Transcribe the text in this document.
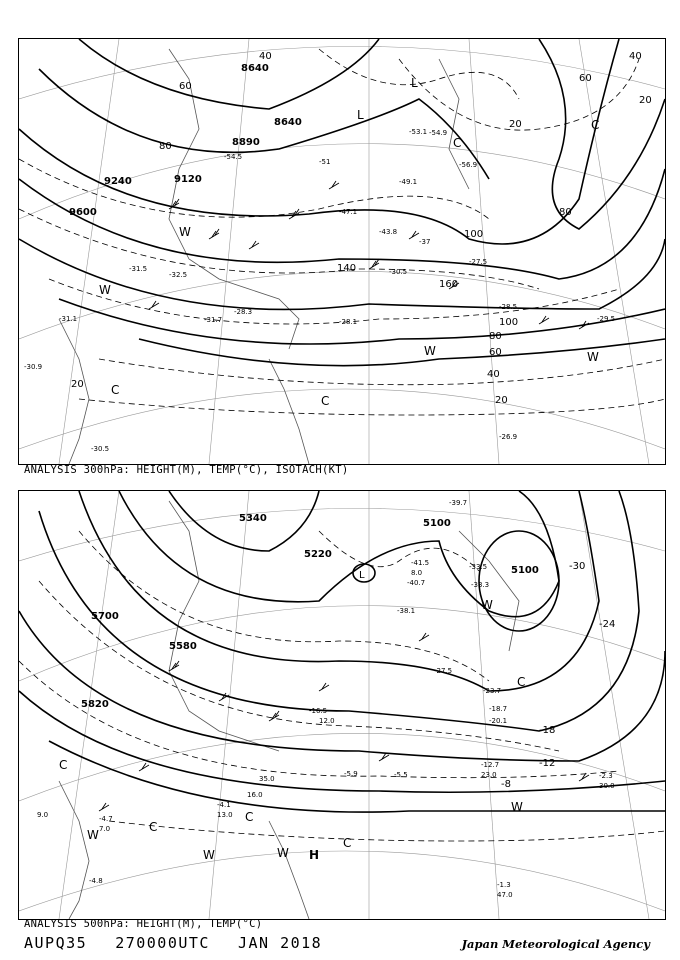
8640
8640
8890
9120
9240
9600
20
40
60
80
100
140
160
100
80
60
40
20
80
60
20
40
20
-51
-54.5
-53.1
-56.9
-49.1
-47.1
-43.8
-37
-31.5	-30.5
-27.5
-28.3
-28.1
-31.1
-30.9
-30.5
-26.9
-54.9
-31.7
-32.5
-29.5
-28.5
L
L
C
C
W
W
W	W
C
C
ANALYSIS 300hPa: HEIGHT(M), TEMP(°C), ISOTACH(KT)
5340	5100
5220
5700
5580
5820
5100	-30
-24
-18
-12
-8
-2.3
-5.5
-12.7
-4.7
-4.1
-4.8
-5.9
-39.7
-38.1
-33.3
-33.5
-41.5
-40.7
-27.5
-23.7
-18.7
-20.1
-1.3
-16.5
7.0
9.0
12.0
13.0
16.0
23.0
35.0
47.0
30.0
8.0
L
C
C
C
W
W	W
W
W
H
C
C
ANALYSIS 500hPa: HEIGHT(M), TEMP(°C)
AUPQ35 270000UTC JAN 2018	Japan Meteorological Agency
